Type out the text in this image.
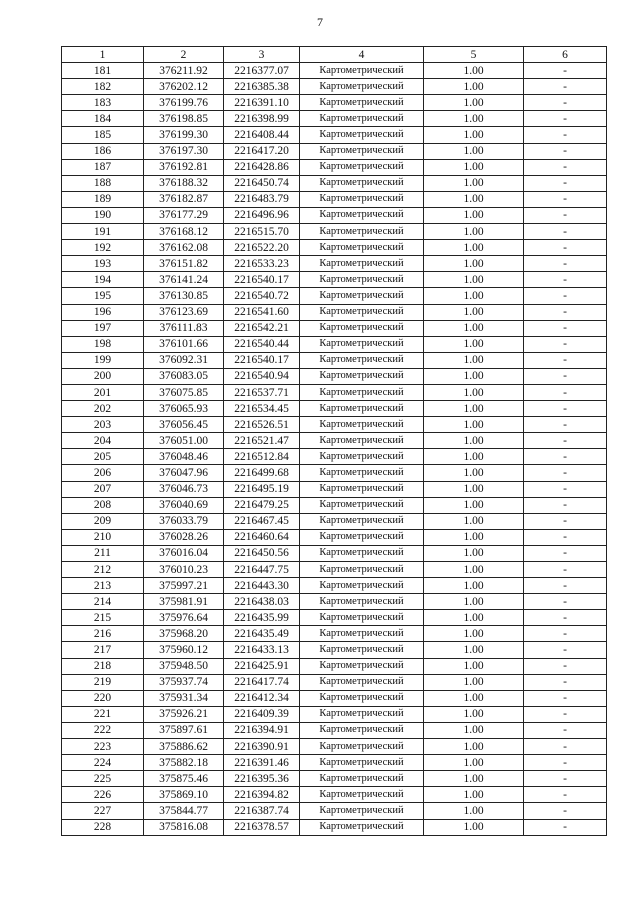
7
1	2	3	4	5	6
181	376211.92	2216377.07	Картометрический	1.00	-
182	376202.12	2216385.38	Картометрический	1.00	-
183	376199.76	2216391.10	Картометрический	1.00	-
184	376198.85	2216398.99	Картометрический	1.00	-
185	376199.30	2216408.44	Картометрический	1.00	-
186	376197.30	2216417.20	Картометрический	1.00	-
187	376192.81	2216428.86	Картометрический	1.00	-
188	376188.32	2216450.74	Картометрический	1.00	-
189	376182.87	2216483.79	Картометрический	1.00	-
190	376177.29	2216496.96	Картометрический	1.00	-
191	376168.12	2216515.70	Картометрический	1.00	-
192	376162.08	2216522.20	Картометрический	1.00	-
193	376151.82	2216533.23	Картометрический	1.00	-
194	376141.24	2216540.17	Картометрический	1.00	-
195	376130.85	2216540.72	Картометрический	1.00	-
196	376123.69	2216541.60	Картометрический	1.00	-
197	376111.83	2216542.21	Картометрический	1.00	-
198	376101.66	2216540.44	Картометрический	1.00	-
199	376092.31	2216540.17	Картометрический	1.00	-
200	376083.05	2216540.94	Картометрический	1.00	-
201	376075.85	2216537.71	Картометрический	1.00	-
202	376065.93	2216534.45	Картометрический	1.00	-
203	376056.45	2216526.51	Картометрический	1.00	-
204	376051.00	2216521.47	Картометрический	1.00	-
205	376048.46	2216512.84	Картометрический	1.00	-
206	376047.96	2216499.68	Картометрический	1.00	-
207	376046.73	2216495.19	Картометрический	1.00	-
208	376040.69	2216479.25	Картометрический	1.00	-
209	376033.79	2216467.45	Картометрический	1.00	-
210	376028.26	2216460.64	Картометрический	1.00	-
211	376016.04	2216450.56	Картометрический	1.00	-
212	376010.23	2216447.75	Картометрический	1.00	-
213	375997.21	2216443.30	Картометрический	1.00	-
214	375981.91	2216438.03	Картометрический	1.00	-
215	375976.64	2216435.99	Картометрический	1.00	-
216	375968.20	2216435.49	Картометрический	1.00	-
217	375960.12	2216433.13	Картометрический	1.00	-
218	375948.50	2216425.91	Картометрический	1.00	-
219	375937.74	2216417.74	Картометрический	1.00	-
220	375931.34	2216412.34	Картометрический	1.00	-
221	375926.21	2216409.39	Картометрический	1.00	-
222	375897.61	2216394.91	Картометрический	1.00	-
223	375886.62	2216390.91	Картометрический	1.00	-
224	375882.18	2216391.46	Картометрический	1.00	-
225	375875.46	2216395.36	Картометрический	1.00	-
226	375869.10	2216394.82	Картометрический	1.00	-
227	375844.77	2216387.74	Картометрический	1.00	-
228	375816.08	2216378.57	Картометрический	1.00	-
